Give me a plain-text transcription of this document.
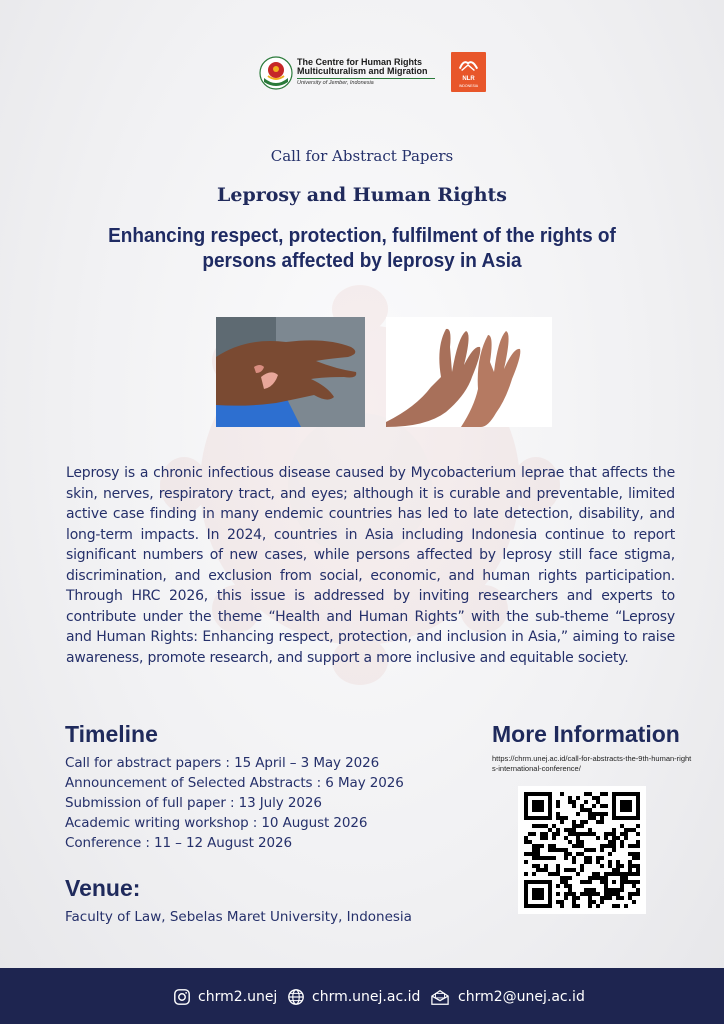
The Centre for Human Rights
Multiculturalism and Migration
University of Jember, Indonesia
NLR
INDONESIA
Call for Abstract Papers
Leprosy and Human Rights
Enhancing respect, protection, fulfilment of the rights of persons affected by leprosy in Asia

Leprosy is a chronic infectious disease caused by Mycobacterium leprae that affects the skin, nerves, respiratory tract, and eyes; although it is curable and preventable, limited active case finding in many endemic countries has led to late detection, disability, and long-term impacts. In 2024, countries in Asia including Indonesia continue to report significant numbers of new cases, while persons affected by leprosy still face stigma, discrimination, and exclusion from social, economic, and human rights participation. Through HRC 2026, this issue is addressed by inviting researchers and experts to contribute under the theme “Health and Human Rights” with the sub-theme “Leprosy and Human Rights: Enhancing respect, protection, and inclusion in Asia,” aiming to raise awareness, promote research, and support a more inclusive and equitable society.

Timeline
Call for abstract papers : 15 April – 3 May 2026
Announcement of Selected Abstracts : 6 May 2026
Submission of full paper : 13 July 2026
Academic writing workshop : 10 August 2026
Conference : 11 – 12 August 2026
Venue:
Faculty of Law, Sebelas Maret University, Indonesia
More Information
https://chrm.unej.ac.id/call-for-abstracts-the-9th-human-rights-international-conference/
chrm2.unej chrm.unej.ac.id	chrm2@unej.ac.id
